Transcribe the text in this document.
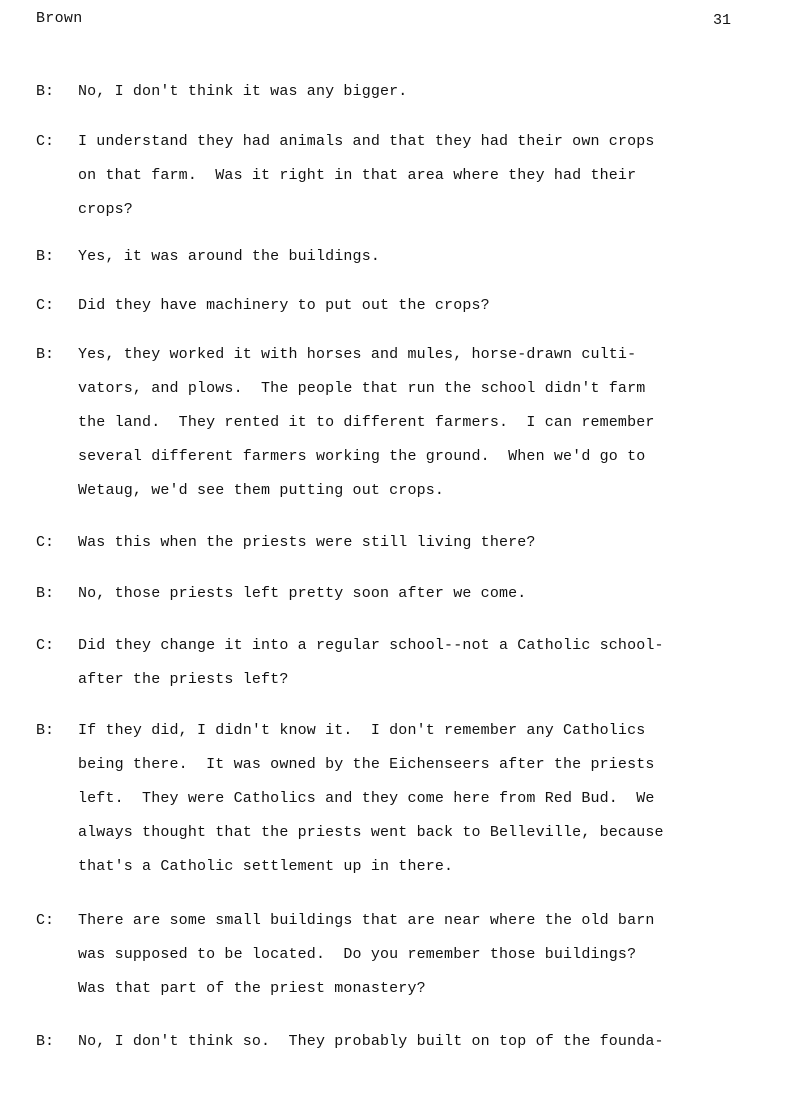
Brown	31
B:	No, I don't think it was any bigger.
C:	I understand they had animals and that they had their own crops
on that farm.  Was it right in that area where they had their
crops?
B:	Yes, it was around the buildings.
C:	Did they have machinery to put out the crops?
B:	Yes, they worked it with horses and mules, horse-drawn culti-
vators, and plows.  The people that run the school didn't farm
the land.  They rented it to different farmers.  I can remember
several different farmers working the ground.  When we'd go to
Wetaug, we'd see them putting out crops.
C:	Was this when the priests were still living there?
B:	No, those priests left pretty soon after we come.
C:	Did they change it into a regular school--not a Catholic school-
after the priests left?
B:	If they did, I didn't know it.  I don't remember any Catholics
being there.  It was owned by the Eichenseers after the priests
left.  They were Catholics and they come here from Red Bud.  We
always thought that the priests went back to Belleville, because
that's a Catholic settlement up in there.
C:	There are some small buildings that are near where the old barn
was supposed to be located.  Do you remember those buildings?
Was that part of the priest monastery?
B:	No, I don't think so.  They probably built on top of the founda-
